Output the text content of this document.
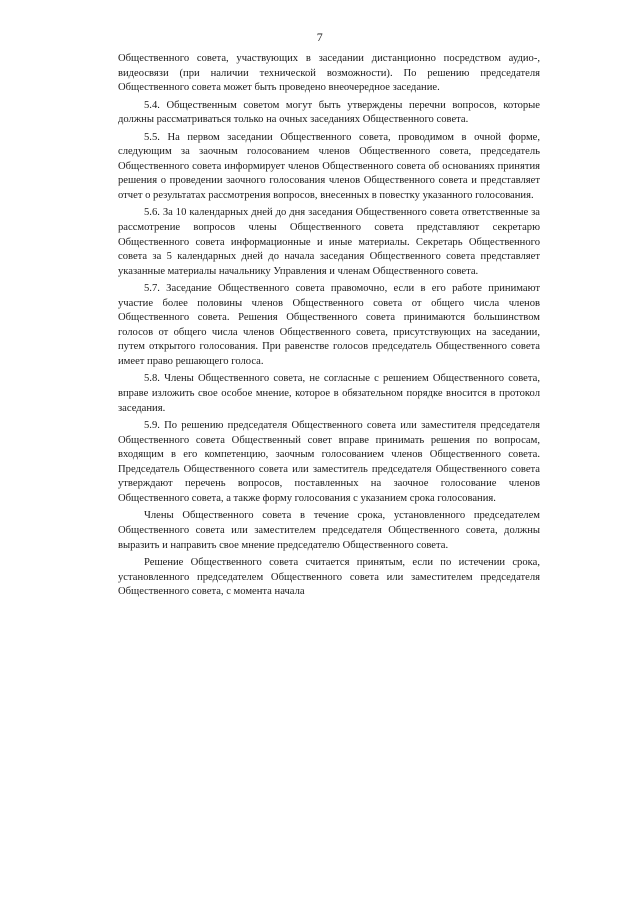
7

Общественного совета, участвующих в заседании дистанционно посредством аудио-, видеосвязи (при наличии технической возможности). По решению председателя Общественного совета может быть проведено внеочередное заседание.

5.4. Общественным советом могут быть утверждены перечни вопросов, которые должны рассматриваться только на очных заседаниях Общественного совета.

5.5. На первом заседании Общественного совета, проводимом в очной форме, следующим за заочным голосованием членов Общественного совета, председатель Общественного совета информирует членов Общественного совета об основаниях принятия решения о проведении заочного голосования членов Общественного совета и представляет отчет о результатах рассмотрения вопросов, внесенных в повестку указанного голосования.

5.6. За 10 календарных дней до дня заседания Общественного совета ответственные за рассмотрение вопросов члены Общественного совета представляют секретарю Общественного совета информационные и иные материалы. Секретарь Общественного совета за 5 календарных дней до начала заседания Общественного совета представляет указанные материалы начальнику Управления и членам Общественного совета.

5.7. Заседание Общественного совета правомочно, если в его работе принимают участие более половины членов Общественного совета от общего числа членов Общественного совета. Решения Общественного совета принимаются большинством голосов от общего числа членов Общественного совета, присутствующих на заседании, путем открытого голосования. При равенстве голосов председатель Общественного совета имеет право решающего голоса.

5.8. Члены Общественного совета, не согласные с решением Общественного совета, вправе изложить свое особое мнение, которое в обязательном порядке вносится в протокол заседания.

5.9. По решению председателя Общественного совета или заместителя председателя Общественного совета Общественный совет вправе принимать решения по вопросам, входящим в его компетенцию, заочным голосованием членов Общественного совета. Председатель Общественного совета или заместитель председателя Общественного совета утверждают перечень вопросов, поставленных на заочное голосование членов Общественного совета, а также форму голосования с указанием срока голосования.

Члены Общественного совета в течение срока, установленного председателем Общественного совета или заместителем председателя Общественного совета, должны выразить и направить свое мнение председателю Общественного совета.

Решение Общественного совета считается принятым, если по истечении срока, установленного председателем Общественного совета или заместителем председателя Общественного совета, с момента начала
